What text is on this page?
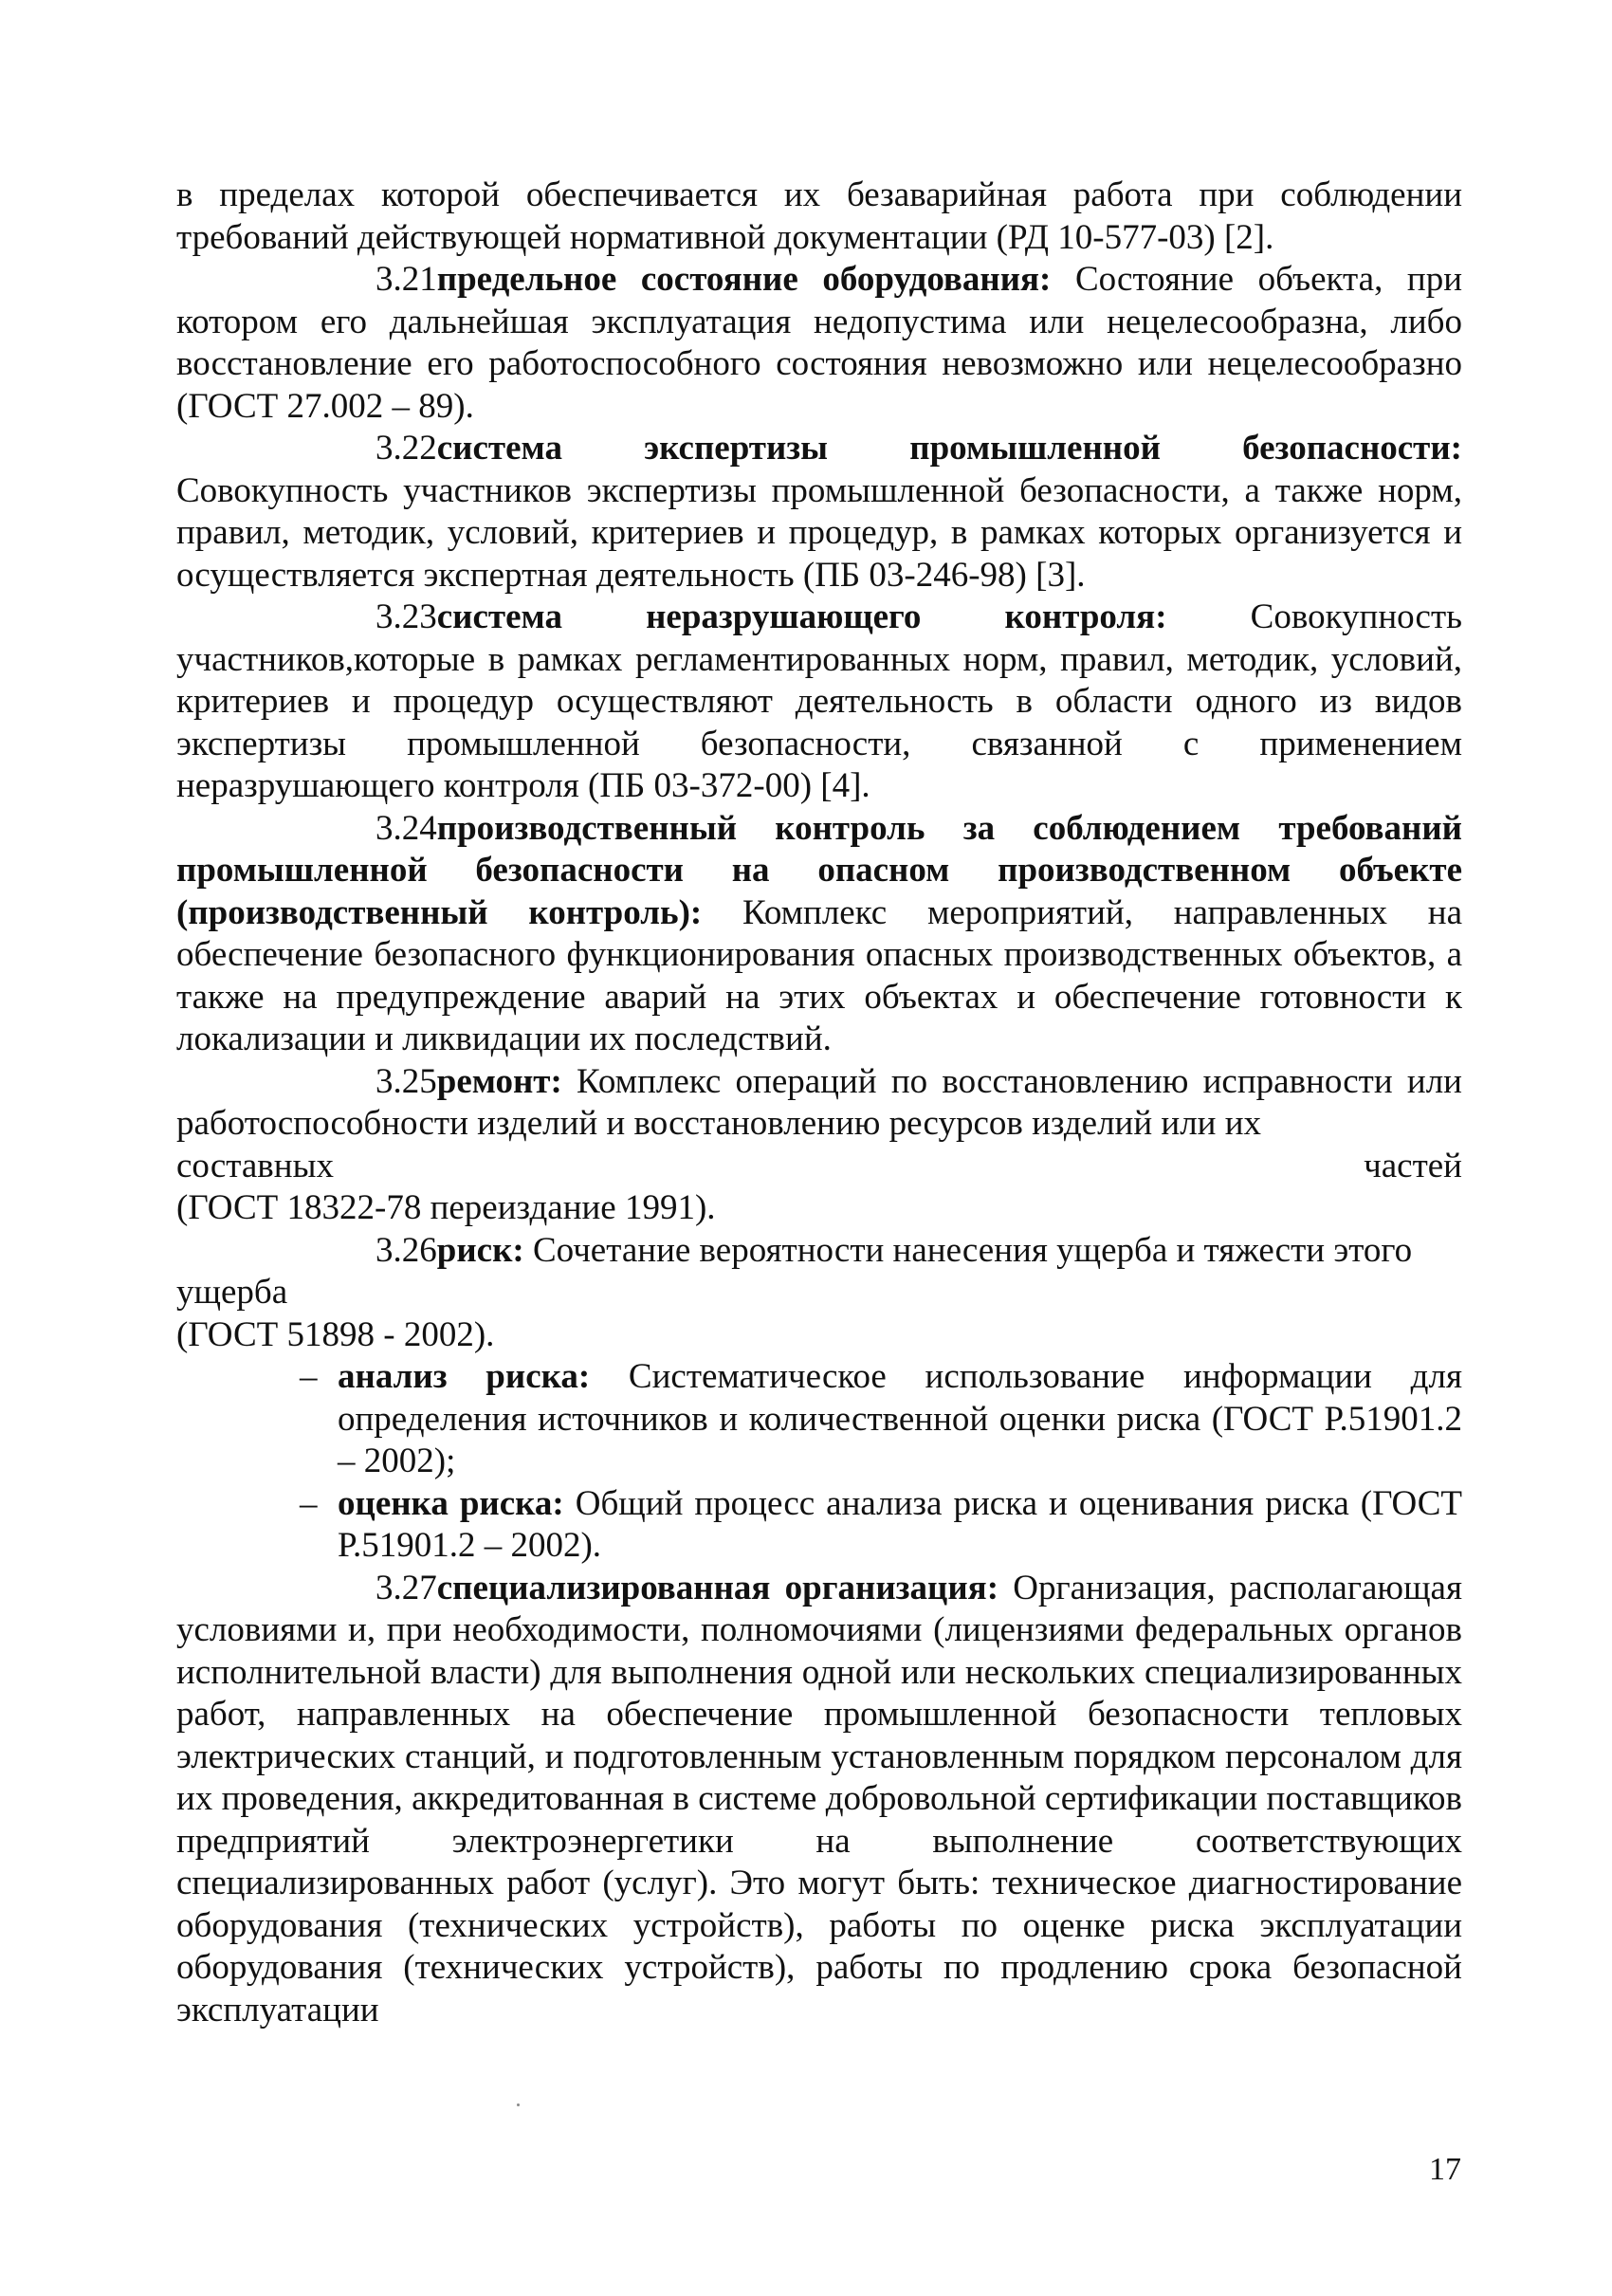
в пределах которой обеспечивается их безаварийная работа при соблюдении требований действующей нормативной документации (РД 10-577-03) [2].

3.21предельное состояние оборудования: Состояние объекта, при котором его дальнейшая эксплуатация недопустима или нецелесообразна, либо восстановление его работоспособного состояния невозможно или нецелесообразно (ГОСТ 27.002 – 89).

3.22система экспертизы промышленной безопасности: Совокупность участников экспертизы промышленной безопасности, а также норм, правил, методик, условий, критериев и процедур, в рамках которых организуется и осуществляется экспертная деятельность (ПБ 03-246-98) [3].

3.23система неразрушающего контроля: Совокупность участников,которые в рамках регламентированных норм, правил, методик, условий, критериев и процедур осуществляют деятельность в области одного из видов экспертизы промышленной безопасности, связанной с применением неразрушающего контроля (ПБ 03-372-00) [4].

3.24производственный контроль за соблюдением требований промышленной безопасности на опасном производственном объекте (производственный контроль): Комплекс мероприятий, направленных на обеспечение безопасного функционирования опасных производственных объектов, а также на предупреждение аварий на этих объектах и обеспечение готовности к локализации и ликвидации их последствий.

3.25ремонт: Комплекс операций по восстановлению исправности или работоспособности изделий и восстановлению ресурсов изделий или их

составных	частей
(ГОСТ 18322-78 переиздание 1991).

3.26риск: Сочетание вероятности нанесения ущерба и тяжести этого

ущерба
(ГОСТ 51898 - 2002).
– анализ риска: Систематическое использование информации для определения источников и количественной оценки риска (ГОСТ Р.51901.2 – 2002);
– оценка риска: Общий процесс анализа риска и оценивания риска (ГОСТ Р.51901.2 – 2002).

3.27специализированная организация: Организация, располагающая условиями и, при необходимости, полномочиями (лицензиями федеральных органов исполнительной власти) для выполнения одной или нескольких специализированных работ, направленных на обеспечение промышленной безопасности тепловых электрических станций, и подготовленным установленным порядком персоналом для их проведения, аккредитованная в системе добровольной сертификации поставщиков предприятий электроэнергетики на выполнение соответствующих специализированных работ (услуг). Это могут быть: техническое диагностирование оборудования (технических устройств), работы по оценке риска эксплуатации оборудования (технических устройств), работы по продлению срока безопасной эксплуатации

17
